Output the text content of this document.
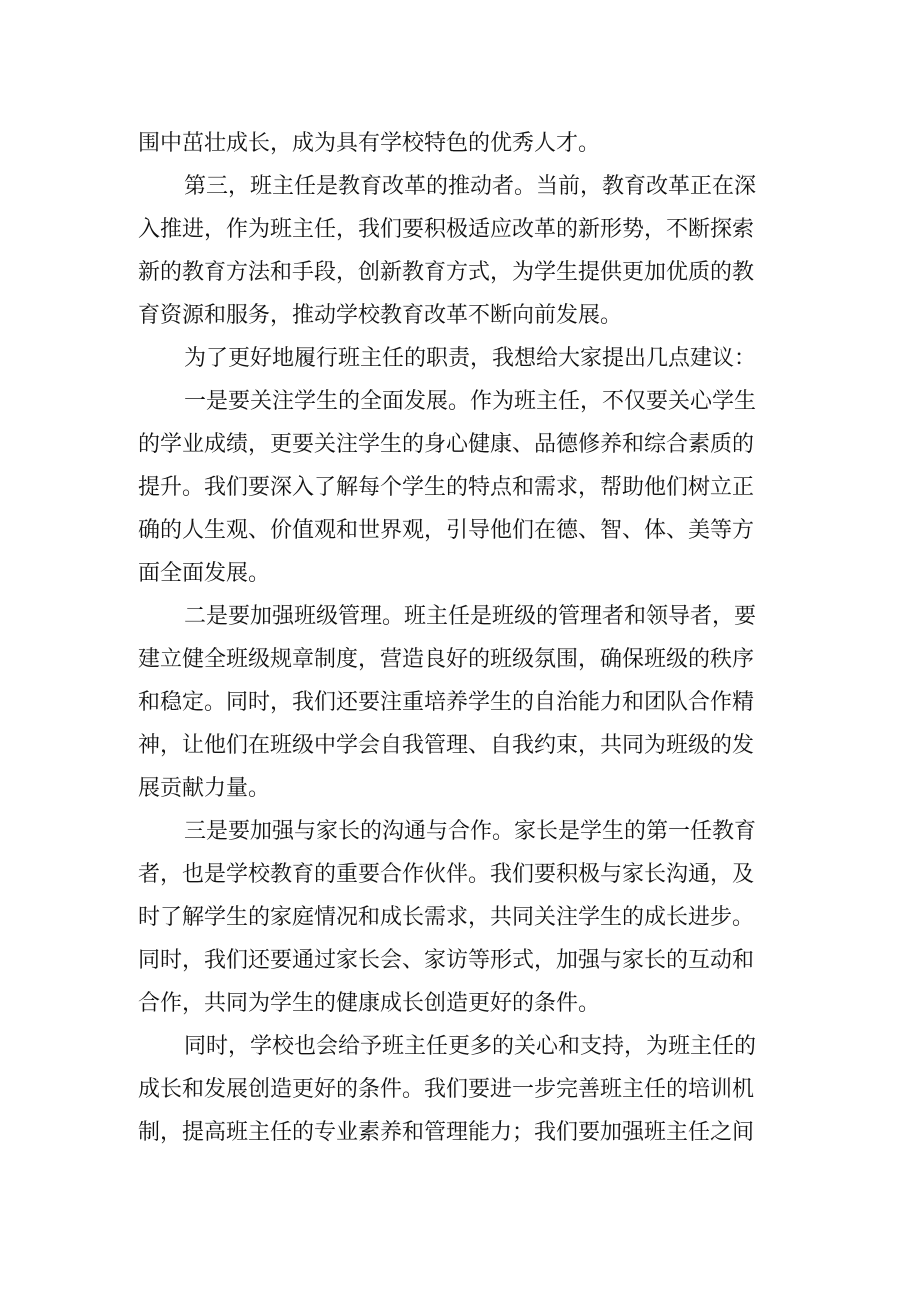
围中茁壮成长，成为具有学校特色的优秀人才。
第三，班主任是教育改革的推动者。当前，教育改革正在深
入推进，作为班主任，我们要积极适应改革的新形势，不断探索
新的教育方法和手段，创新教育方式，为学生提供更加优质的教
育资源和服务，推动学校教育改革不断向前发展。
为了更好地履行班主任的职责，我想给大家提出几点建议：
一是要关注学生的全面发展。作为班主任，不仅要关心学生
的学业成绩，更要关注学生的身心健康、品德修养和综合素质的
提升。我们要深入了解每个学生的特点和需求，帮助他们树立正
确的人生观、价值观和世界观，引导他们在德、智、体、美等方
面全面发展。
二是要加强班级管理。班主任是班级的管理者和领导者，要
建立健全班级规章制度，营造良好的班级氛围，确保班级的秩序
和稳定。同时，我们还要注重培养学生的自治能力和团队合作精
神，让他们在班级中学会自我管理、自我约束，共同为班级的发
展贡献力量。
三是要加强与家长的沟通与合作。家长是学生的第一任教育
者，也是学校教育的重要合作伙伴。我们要积极与家长沟通，及
时了解学生的家庭情况和成长需求，共同关注学生的成长进步。
同时，我们还要通过家长会、家访等形式，加强与家长的互动和
合作，共同为学生的健康成长创造更好的条件。
同时，学校也会给予班主任更多的关心和支持，为班主任的
成长和发展创造更好的条件。我们要进一步完善班主任的培训机
制，提高班主任的专业素养和管理能力；我们要加强班主任之间
